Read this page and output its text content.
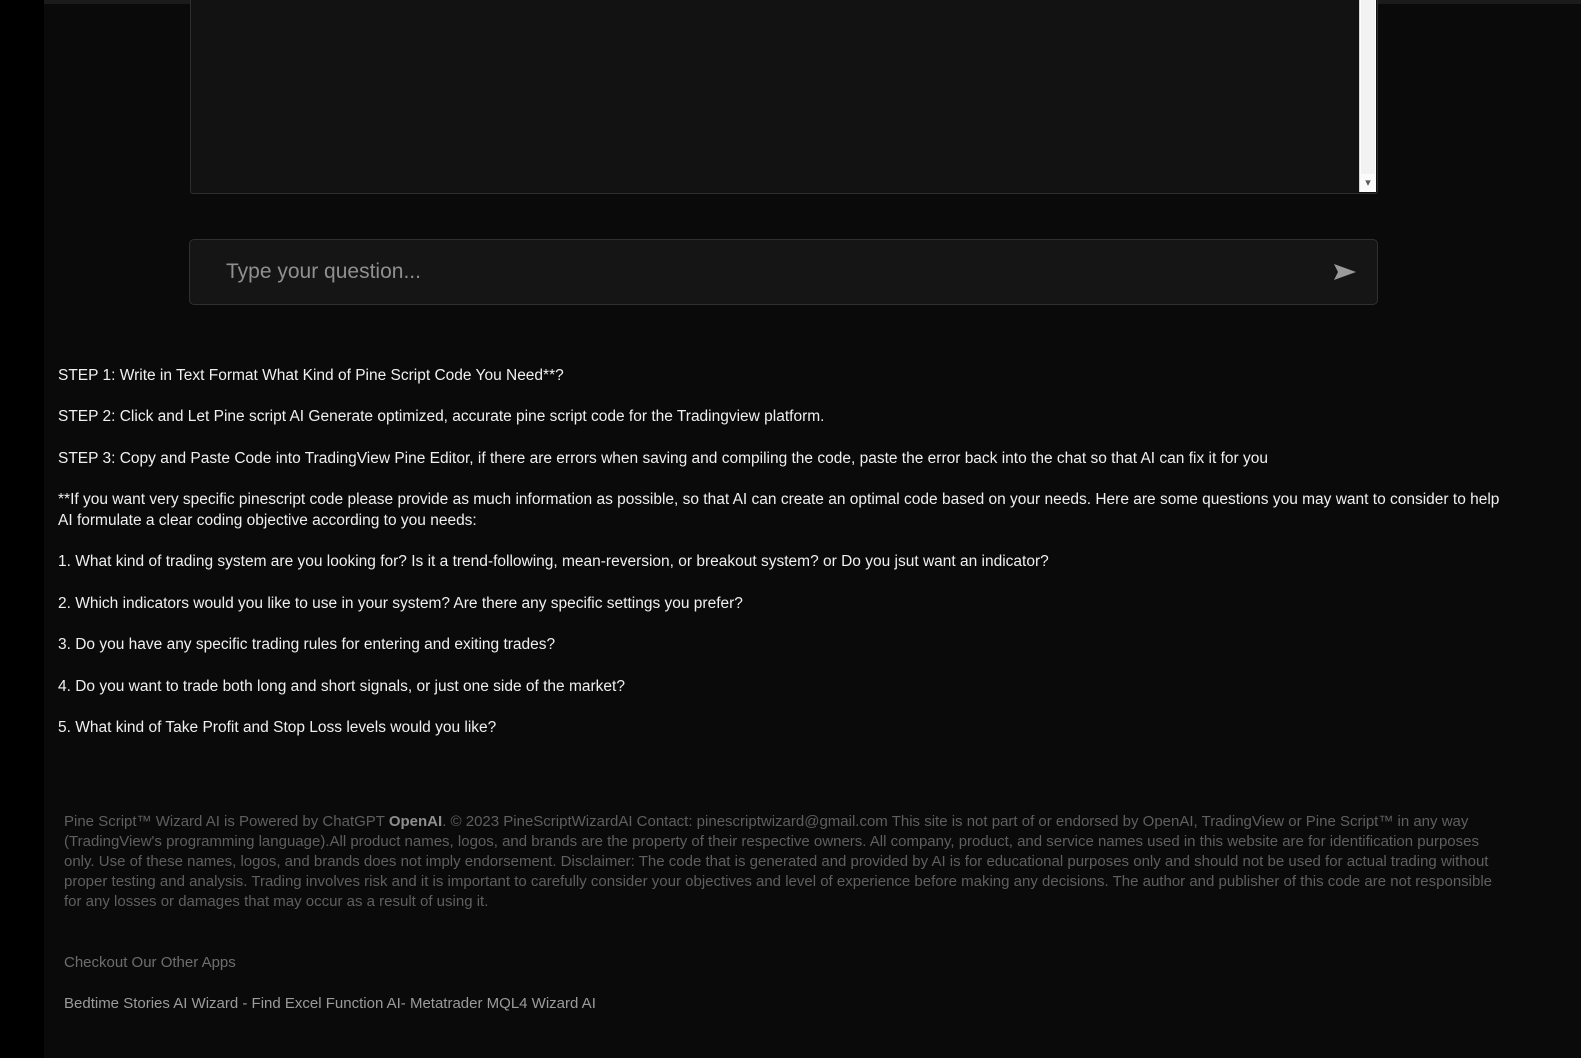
▾
Type your question...

STEP 1: Write in Text Format What Kind of Pine Script Code You Need**?

STEP 2: Click and Let Pine script AI Generate optimized, accurate pine script code for the Tradingview platform.

STEP 3: Copy and Paste Code into TradingView Pine Editor, if there are errors when saving and compiling the code, paste the error back into the chat so that AI can fix it for you

**If you want very specific pinescript code please provide as much information as possible, so that AI can create an optimal code based on your needs. Here are some questions you may want to consider to help AI formulate a clear coding objective according to you needs:

1. What kind of trading system are you looking for? Is it a trend-following, mean-reversion, or breakout system? or Do you jsut want an indicator?

2. Which indicators would you like to use in your system? Are there any specific settings you prefer?

3. Do you have any specific trading rules for entering and exiting trades?

4. Do you want to trade both long and short signals, or just one side of the market?

5. What kind of Take Profit and Stop Loss levels would you like?

Pine Script™ Wizard AI is Powered by ChatGPT OpenAI. © 2023 PineScriptWizardAI Contact: pinescriptwizard@gmail.com This site is not part of or endorsed by OpenAI, TradingView or Pine Script™ in any way (TradingView's programming language).All product names, logos, and brands are the property of their respective owners. All company, product, and service names used in this website are for identification purposes only. Use of these names, logos, and brands does not imply endorsement. Disclaimer: The code that is generated and provided by AI is for educational purposes only and should not be used for actual trading without proper testing and analysis. Trading involves risk and it is important to carefully consider your objectives and level of experience before making any decisions. The author and publisher of this code are not responsible for any losses or damages that may occur as a result of using it.

Checkout Our Other Apps

Bedtime Stories AI Wizard - Find Excel Function AI- Metatrader MQL4 Wizard AI
